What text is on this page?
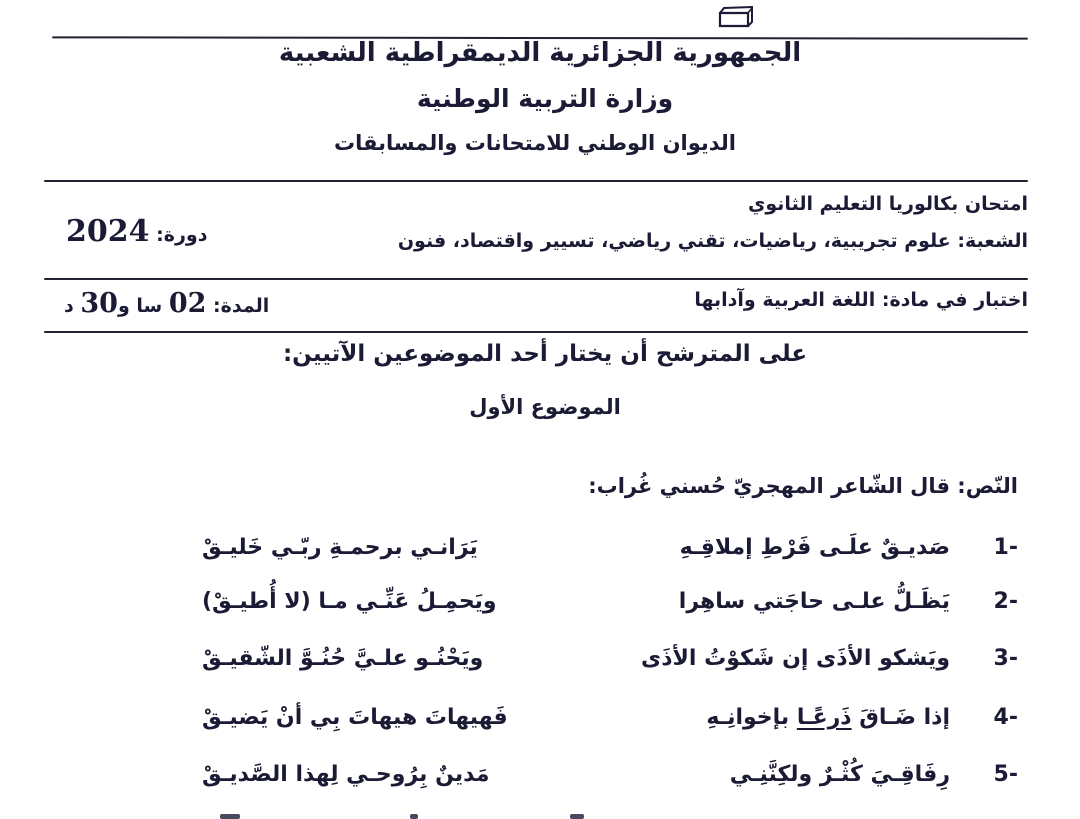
الجمهورية الجزائرية الديمقراطية الشعبية
وزارة التربية الوطنية
الديوان الوطني للامتحانات والمسابقات
امتحان بكالوريا التعليم الثانوي
الشعبة: علوم تجريبية، رياضيات، تقني رياضي، تسيير واقتصاد، فنون
دورة: 2024
اختبار في مادة: اللغة العربية وآدابها
المدة: 02 سا و30 د
على المترشح أن يختار أحد الموضوعين الآتيين:
الموضوع الأول
النّص: قال الشّاعر المهجريّ حُسني غُراب:
1-
صَديـقٌ علَـى فَرْطِ إملاقِـهِ
يَرَانـي برحمـةِ ربّـي خَليـقْ
2-
يَظَـلُّ علـى حاجَتي ساهِرا
ويَحمِـلُ عَنِّـي مـا (لا أُطيـقْ)
3-
ويَشكو الأذَى إن شَكوْتُ الأذَى
ويَحْنُـو علـيَّ حُنُـوَّ الشّقيـقْ
4-
إذا ضَـاقَ ذَرعًـا بإخوانِـهِ
فَهيهاتَ هيهاتَ بِي أنْ يَضيـقْ
5-
رِفَاقِـيَ كُثْـرٌ ولكِنَّنِـي
مَدينٌ بِرُوحـي لِهذا الصَّديـقْ
